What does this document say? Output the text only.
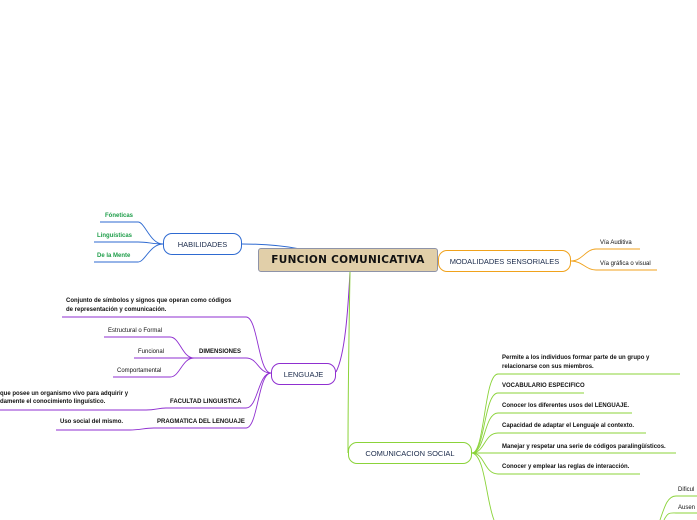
FUNCION COMUNICATIVA
HABILIDADES
Fóneticas
Linguísticas
De la Mente
MODALIDADES SENSORIALES
Vía Auditiva
Vía gráfica o visual
LENGUAJE
Conjunto de símbolos y signos que operan como códigos
de representación y comunicación.
DIMENSIONES
Estructural o Formal
Funcional
Comportamental
FACULTAD LINGUISTICA
que posee un organismo vivo para adquirir y
damente el conocimiento linguístico.
PRAGMATICA DEL LENGUAJE
Uso social del mismo.
COMUNICACION SOCIAL
Permite a los individuos formar parte de un grupo y
relacionarse con sus miembros.
VOCABULARIO ESPECIFICO
Conocer los diferentes usos del LENGUAJE.
Capacidad de adaptar el Lenguaje al contexto.
Manejar y respetar una serie de códigos paralingüísticos.
Conocer y emplear las reglas de interacción.
Dificul
Ausen
